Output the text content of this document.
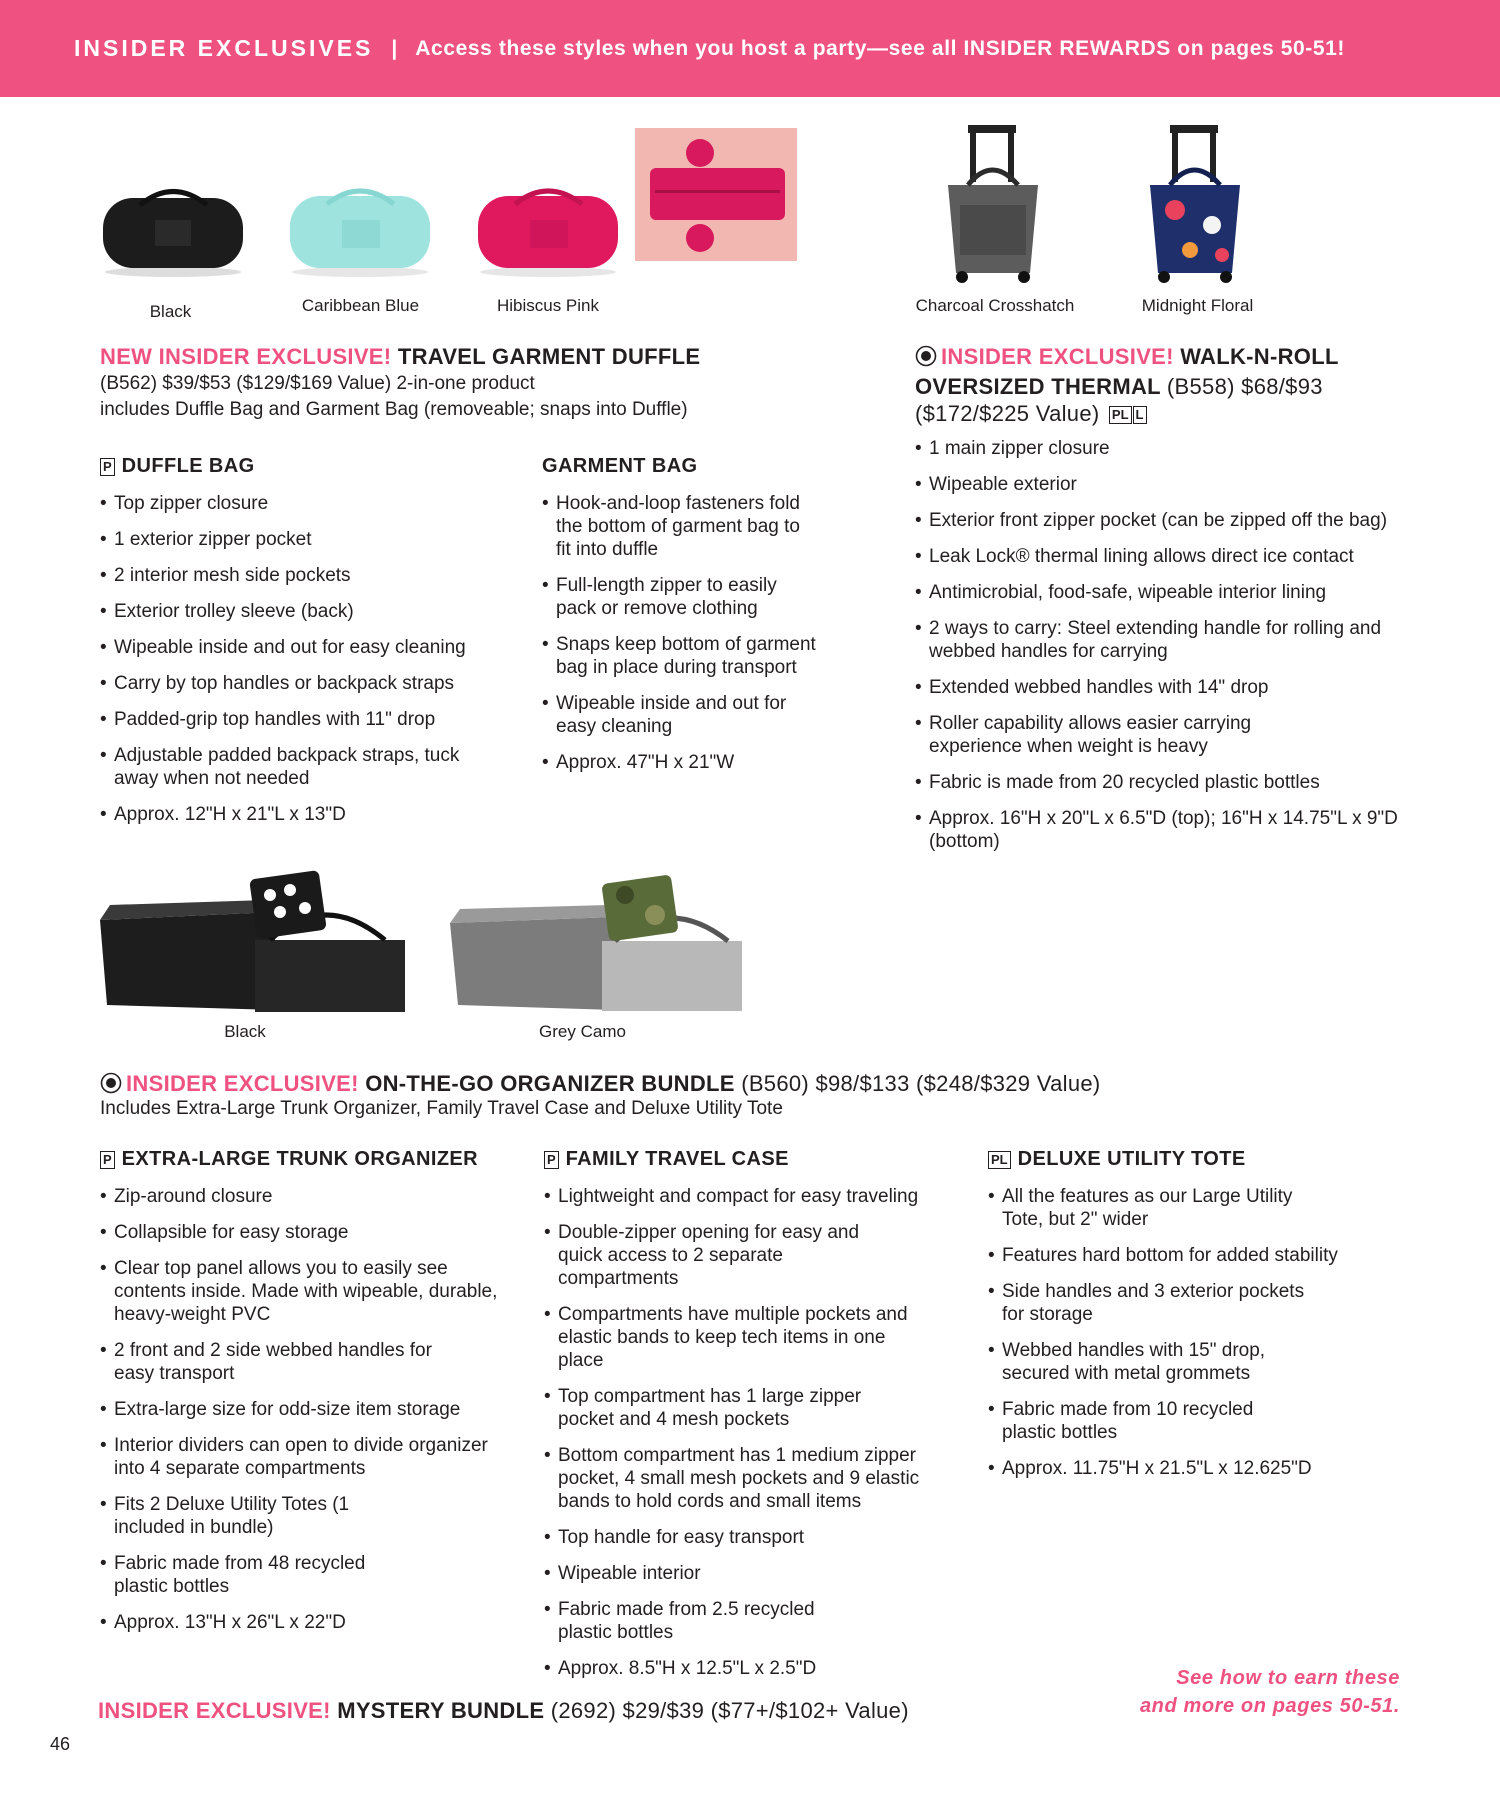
INSIDER EXCLUSIVES | Access these styles when you host a party—see all INSIDER REWARDS on pages 50-51!
Black	Caribbean Blue	Hibiscus Pink	Charcoal Crosshatch	Midnight Floral
NEW INSIDER EXCLUSIVE! TRAVEL GARMENT DUFFLE
(B562) $39/$53 ($129/$169 Value) 2-in-one product
includes Duffle Bag and Garment Bag (removeable; snaps into Duffle)
P DUFFLE BAG
• Top zipper closure
• 1 exterior zipper pocket
• 2 interior mesh side pockets
• Exterior trolley sleeve (back)
• Wipeable inside and out for easy cleaning
• Carry by top handles or backpack straps
• Padded-grip top handles with 11" drop
• Adjustable padded backpack straps, tuck away when not needed
• Approx. 12"H x 21"L x 13"D
GARMENT BAG
• Hook-and-loop fasteners fold the bottom of garment bag to fit into duffle
• Full-length zipper to easily pack or remove clothing
• Snaps keep bottom of garment bag in place during transport
• Wipeable inside and out for easy cleaning
• Approx. 47"H x 21"W
INSIDER EXCLUSIVE! WALK-N-ROLL
OVERSIZED THERMAL (B558) $68/$93
($172/$225 Value) PL L
• 1 main zipper closure
• Wipeable exterior
• Exterior front zipper pocket (can be zipped off the bag)
• Leak Lock® thermal lining allows direct ice contact
• Antimicrobial, food-safe, wipeable interior lining
• 2 ways to carry: Steel extending handle for rolling and webbed handles for carrying
• Extended webbed handles with 14" drop
• Roller capability allows easier carrying experience when weight is heavy
• Fabric is made from 20 recycled plastic bottles
• Approx. 16"H x 20"L x 6.5"D (top); 16"H x 14.75"L x 9"D (bottom)
Black	Grey Camo
INSIDER EXCLUSIVE! ON-THE-GO ORGANIZER BUNDLE (B560) $98/$133 ($248/$329 Value)
Includes Extra-Large Trunk Organizer, Family Travel Case and Deluxe Utility Tote
P EXTRA-LARGE TRUNK ORGANIZER
• Zip-around closure
• Collapsible for easy storage
• Clear top panel allows you to easily see contents inside. Made with wipeable, durable, heavy-weight PVC
• 2 front and 2 side webbed handles for easy transport
• Extra-large size for odd-size item storage
• Interior dividers can open to divide organizer into 4 separate compartments
• Fits 2 Deluxe Utility Totes (1 included in bundle)
• Fabric made from 48 recycled plastic bottles
• Approx. 13"H x 26"L x 22"D
P FAMILY TRAVEL CASE
• Lightweight and compact for easy traveling
• Double-zipper opening for easy and quick access to 2 separate compartments
• Compartments have multiple pockets and elastic bands to keep tech items in one place
• Top compartment has 1 large zipper pocket and 4 mesh pockets
• Bottom compartment has 1 medium zipper pocket, 4 small mesh pockets and 9 elastic bands to hold cords and small items
• Top handle for easy transport
• Wipeable interior
• Fabric made from 2.5 recycled plastic bottles
• Approx. 8.5"H x 12.5"L x 2.5"D
PL DELUXE UTILITY TOTE
• All the features as our Large Utility Tote, but 2" wider
• Features hard bottom for added stability
• Side handles and 3 exterior pockets for storage
• Webbed handles with 15" drop, secured with metal grommets
• Fabric made from 10 recycled plastic bottles
• Approx. 11.75"H x 21.5"L x 12.625"D
INSIDER EXCLUSIVE! MYSTERY BUNDLE (2692) $29/$39 ($77+/$102+ Value)
See how to earn these
and more on pages 50-51.
46
